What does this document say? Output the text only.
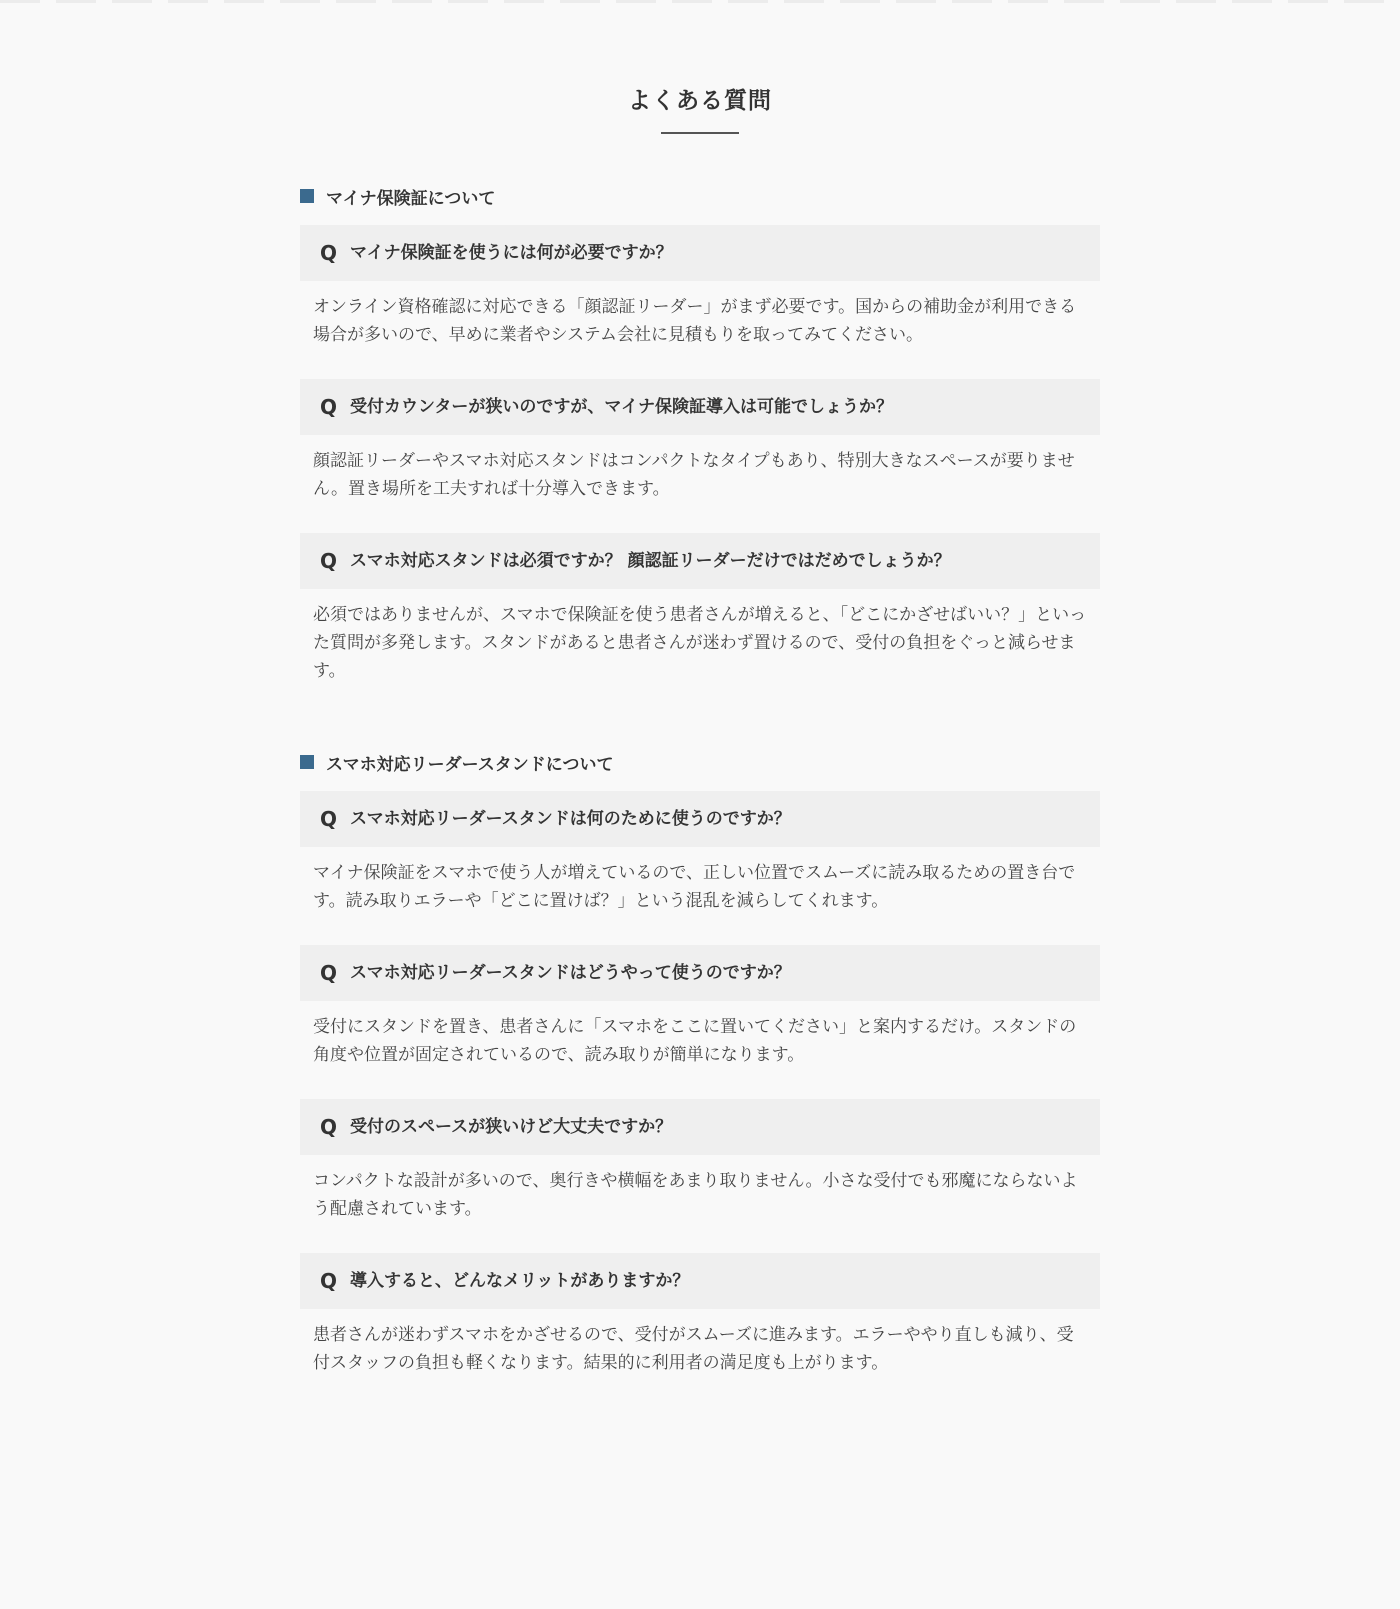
よくある質問
マイナ保険証について
Q マイナ保険証を使うには何が必要ですか？
オンライン資格確認に対応できる「顔認証リーダー」がまず必要です。国からの補助金が利用できる場合が多いので、早めに業者やシステム会社に見積もりを取ってみてください。
Q 受付カウンターが狭いのですが、マイナ保険証導入は可能でしょうか？
顔認証リーダーやスマホ対応スタンドはコンパクトなタイプもあり、特別大きなスペースが要りません。置き場所を工夫すれば十分導入できます。
Q スマホ対応スタンドは必須ですか？ 顔認証リーダーだけではだめでしょうか？
必須ではありませんが、スマホで保険証を使う患者さんが増えると、「どこにかざせばいい？」といった質問が多発します。スタンドがあると患者さんが迷わず置けるので、受付の負担をぐっと減らせます。
スマホ対応リーダースタンドについて
Q スマホ対応リーダースタンドは何のために使うのですか？
マイナ保険証をスマホで使う人が増えているので、正しい位置でスムーズに読み取るための置き台です。読み取りエラーや「どこに置けば？」という混乱を減らしてくれます。
Q スマホ対応リーダースタンドはどうやって使うのですか？
受付にスタンドを置き、患者さんに「スマホをここに置いてください」と案内するだけ。スタンドの角度や位置が固定されているので、読み取りが簡単になります。
Q 受付のスペースが狭いけど大丈夫ですか？
コンパクトな設計が多いので、奥行きや横幅をあまり取りません。小さな受付でも邪魔にならないよう配慮されています。
Q 導入すると、どんなメリットがありますか？
患者さんが迷わずスマホをかざせるので、受付がスムーズに進みます。エラーややり直しも減り、受付スタッフの負担も軽くなります。結果的に利用者の満足度も上がります。
